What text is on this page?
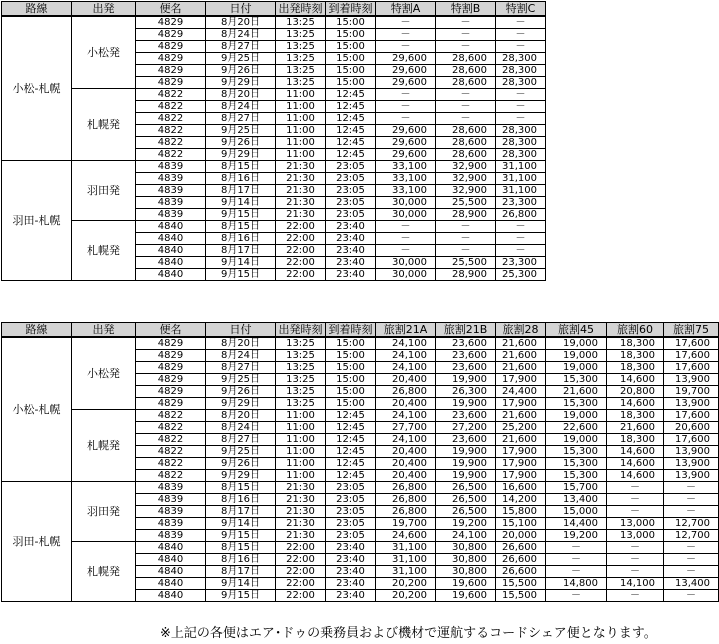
路線	出発	便名	日付	出発時刻	到着時刻	特割A	特割B	特割C
小松-札幌	小松発	4829	8月20日	13:25	15:00	－	－	－
		4829	8月24日	13:25	15:00	－	－	－
		4829	8月27日	13:25	15:00	－	－	－
		4829	9月25日	13:25	15:00	29,600	28,600	28,300
		4829	9月26日	13:25	15:00	29,600	28,600	28,300
		4829	9月29日	13:25	15:00	29,600	28,600	28,300
	札幌発	4822	8月20日	11:00	12:45	－	－	－
		4822	8月24日	11:00	12:45	－	－	－
		4822	8月27日	11:00	12:45	－	－	－
		4822	9月25日	11:00	12:45	29,600	28,600	28,300
		4822	9月26日	11:00	12:45	29,600	28,600	28,300
		4822	9月29日	11:00	12:45	29,600	28,600	28,300
羽田-札幌	羽田発	4839	8月15日	21:30	23:05	33,100	32,900	31,100
		4839	8月16日	21:30	23:05	33,100	32,900	31,100
		4839	8月17日	21:30	23:05	33,100	32,900	31,100
		4839	9月14日	21:30	23:05	30,000	25,500	23,300
		4839	9月15日	21:30	23:05	30,000	28,900	26,800
	札幌発	4840	8月15日	22:00	23:40	－	－	－
		4840	8月16日	22:00	23:40	－	－	－
		4840	8月17日	22:00	23:40	－	－	－
		4840	9月14日	22:00	23:40	30,000	25,500	23,300
		4840	9月15日	22:00	23:40	30,000	28,900	25,300
路線	出発	便名	日付	出発時刻	到着時刻	旅割21A	旅割21B	旅割28	旅割45	旅割60	旅割75
小松-札幌	小松発	4829	8月20日	13:25	15:00	24,100	23,600	21,600	19,000	18,300	17,600
		4829	8月24日	13:25	15:00	24,100	23,600	21,600	19,000	18,300	17,600
		4829	8月27日	13:25	15:00	24,100	23,600	21,600	19,000	18,300	17,600
		4829	9月25日	13:25	15:00	20,400	19,900	17,900	15,300	14,600	13,900
		4829	9月26日	13:25	15:00	26,800	26,300	24,400	21,600	20,800	19,700
		4829	9月29日	13:25	15:00	20,400	19,900	17,900	15,300	14,600	13,900
	札幌発	4822	8月20日	11:00	12:45	24,100	23,600	21,600	19,000	18,300	17,600
		4822	8月24日	11:00	12:45	27,700	27,200	25,200	22,600	21,600	20,600
		4822	8月27日	11:00	12:45	24,100	23,600	21,600	19,000	18,300	17,600
		4822	9月25日	11:00	12:45	20,400	19,900	17,900	15,300	14,600	13,900
		4822	9月26日	11:00	12:45	20,400	19,900	17,900	15,300	14,600	13,900
		4822	9月29日	11:00	12:45	20,400	19,900	17,900	15,300	14,600	13,900
羽田-札幌	羽田発	4839	8月15日	21:30	23:05	26,800	26,500	16,600	15,700	－	－
		4839	8月16日	21:30	23:05	26,800	26,500	14,200	13,400	－	－
		4839	8月17日	21:30	23:05	26,800	26,500	15,800	15,000	－	－
		4839	9月14日	21:30	23:05	19,700	19,200	15,100	14,400	13,000	12,700
		4839	9月15日	21:30	23:05	24,600	24,100	20,000	19,200	13,000	12,700
	札幌発	4840	8月15日	22:00	23:40	31,100	30,800	26,600	－	－	－
		4840	8月16日	22:00	23:40	31,100	30,800	26,600	－	－	－
		4840	8月17日	22:00	23:40	31,100	30,800	26,600	－	－	－
		4840	9月14日	22:00	23:40	20,200	19,600	15,500	14,800	14,100	13,400
		4840	9月15日	22:00	23:40	20,200	19,600	15,500	－	－	－
※上記の各便はエア･ドゥの乗務員および機材で運航するコードシェア便となります。
